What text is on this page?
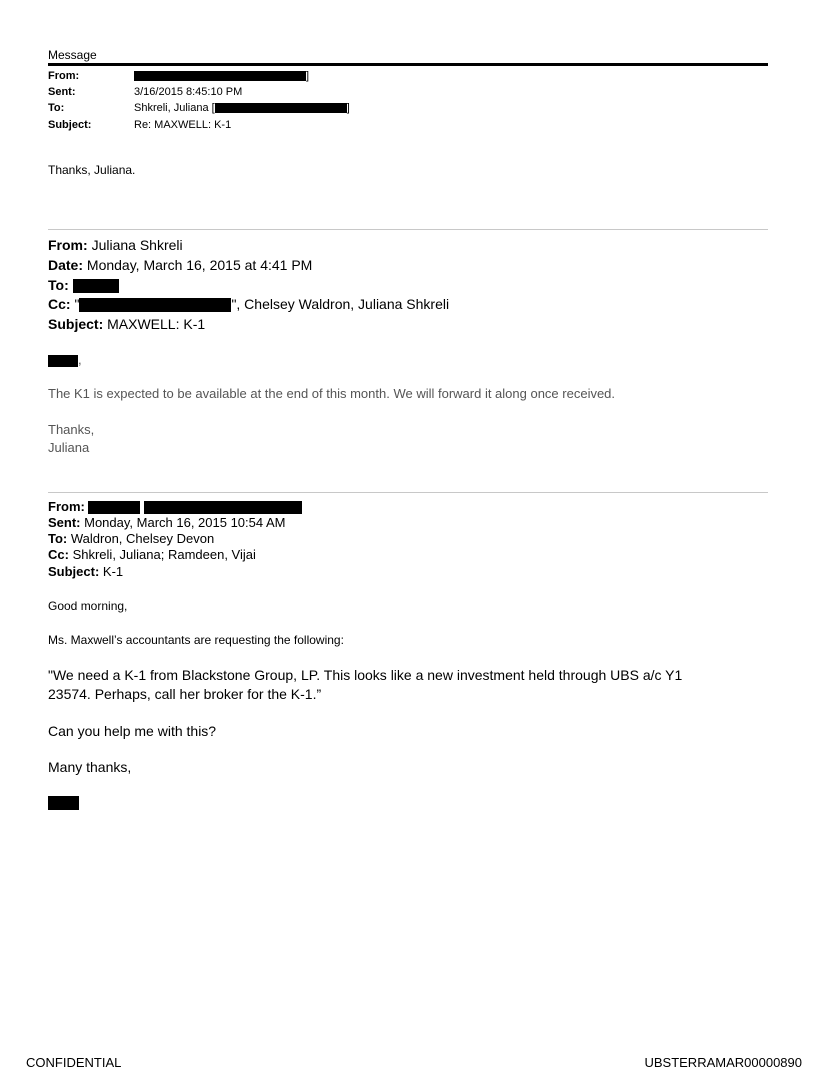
Message
From:	]
Sent:	3/16/2015 8:45:10 PM
To:	Shkreli, Juliana [	]
Subject:	Re: MAXWELL: K-1
Thanks, Juliana.
From: Juliana Shkreli
Date: Monday, March 16, 2015 at 4:41 PM
To:
Cc: "	", Chelsey Waldron, Juliana Shkreli
Subject: MAXWELL: K-1
,
The K1 is expected to be available at the end of this month. We will forward it along once received.
Thanks,
Juliana
From:
Sent: Monday, March 16, 2015 10:54 AM
To: Waldron, Chelsey Devon
Cc: Shkreli, Juliana; Ramdeen, Vijai
Subject: K-1
Good morning,
Ms. Maxwell’s accountants are requesting the following:
"We need a K-1 from Blackstone Group, LP. This looks like a new investment held through UBS a/c Y1
23574. Perhaps, call her broker for the K-1.”
Can you help me with this?
Many thanks,
CONFIDENTIAL	UBSTERRAMAR00000890
